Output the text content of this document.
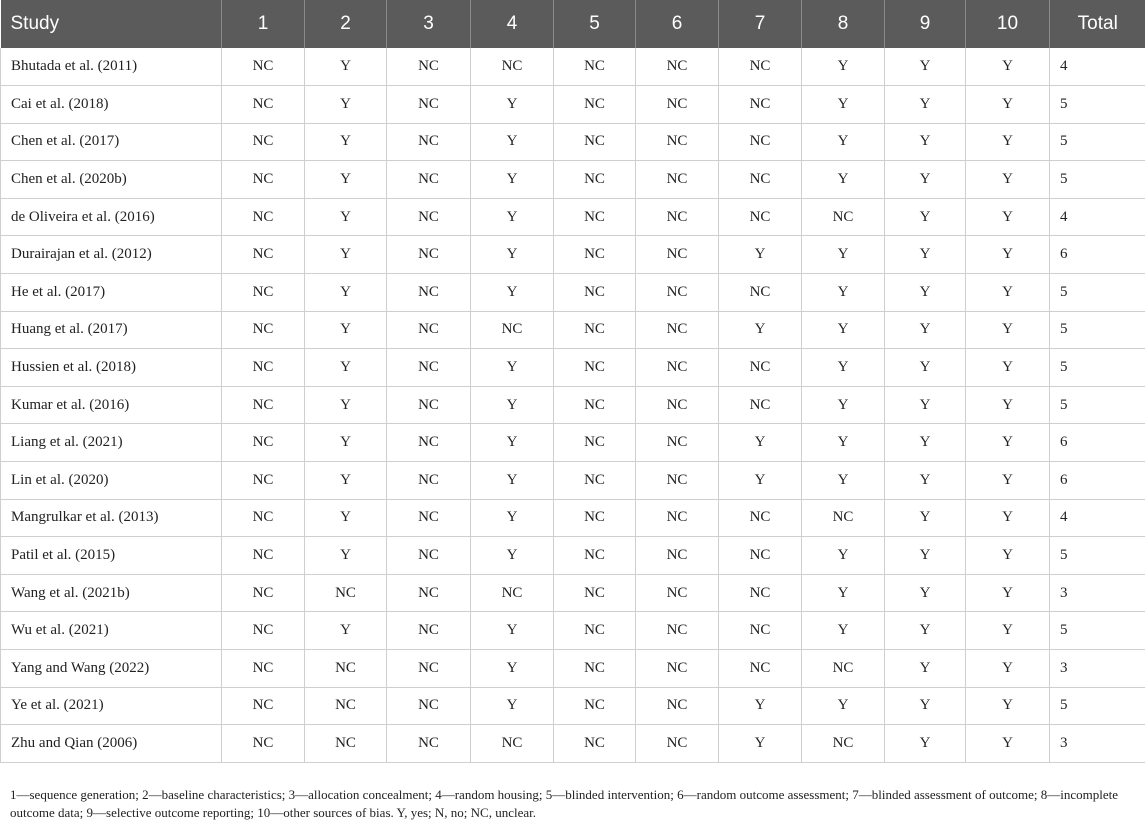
Study	1	2	3	4	5	6	7	8	9	10	Total
Bhutada et al. (2011)	NC	Y	NC	NC	NC	NC	NC	Y	Y	Y	4
Cai et al. (2018)	NC	Y	NC	Y	NC	NC	NC	Y	Y	Y	5
Chen et al. (2017)	NC	Y	NC	Y	NC	NC	NC	Y	Y	Y	5
Chen et al. (2020b)	NC	Y	NC	Y	NC	NC	NC	Y	Y	Y	5
de Oliveira et al. (2016)	NC	Y	NC	Y	NC	NC	NC	NC	Y	Y	4
Durairajan et al. (2012)	NC	Y	NC	Y	NC	NC	Y	Y	Y	Y	6
He et al. (2017)	NC	Y	NC	Y	NC	NC	NC	Y	Y	Y	5
Huang et al. (2017)	NC	Y	NC	NC	NC	NC	Y	Y	Y	Y	5
Hussien et al. (2018)	NC	Y	NC	Y	NC	NC	NC	Y	Y	Y	5
Kumar et al. (2016)	NC	Y	NC	Y	NC	NC	NC	Y	Y	Y	5
Liang et al. (2021)	NC	Y	NC	Y	NC	NC	Y	Y	Y	Y	6
Lin et al. (2020)	NC	Y	NC	Y	NC	NC	Y	Y	Y	Y	6
Mangrulkar et al. (2013)	NC	Y	NC	Y	NC	NC	NC	NC	Y	Y	4
Patil et al. (2015)	NC	Y	NC	Y	NC	NC	NC	Y	Y	Y	5
Wang et al. (2021b)	NC	NC	NC	NC	NC	NC	NC	Y	Y	Y	3
Wu et al. (2021)	NC	Y	NC	Y	NC	NC	NC	Y	Y	Y	5
Yang and Wang (2022)	NC	NC	NC	Y	NC	NC	NC	NC	Y	Y	3
Ye et al. (2021)	NC	NC	NC	Y	NC	NC	Y	Y	Y	Y	5
Zhu and Qian (2006)	NC	NC	NC	NC	NC	NC	Y	NC	Y	Y	3
1—sequence generation; 2—baseline characteristics; 3—allocation concealment; 4—random housing; 5—blinded intervention; 6—random outcome assessment; 7—blinded assessment of outcome; 8—incomplete outcome data; 9—selective outcome reporting; 10—other sources of bias. Y, yes; N, no; NC, unclear.
